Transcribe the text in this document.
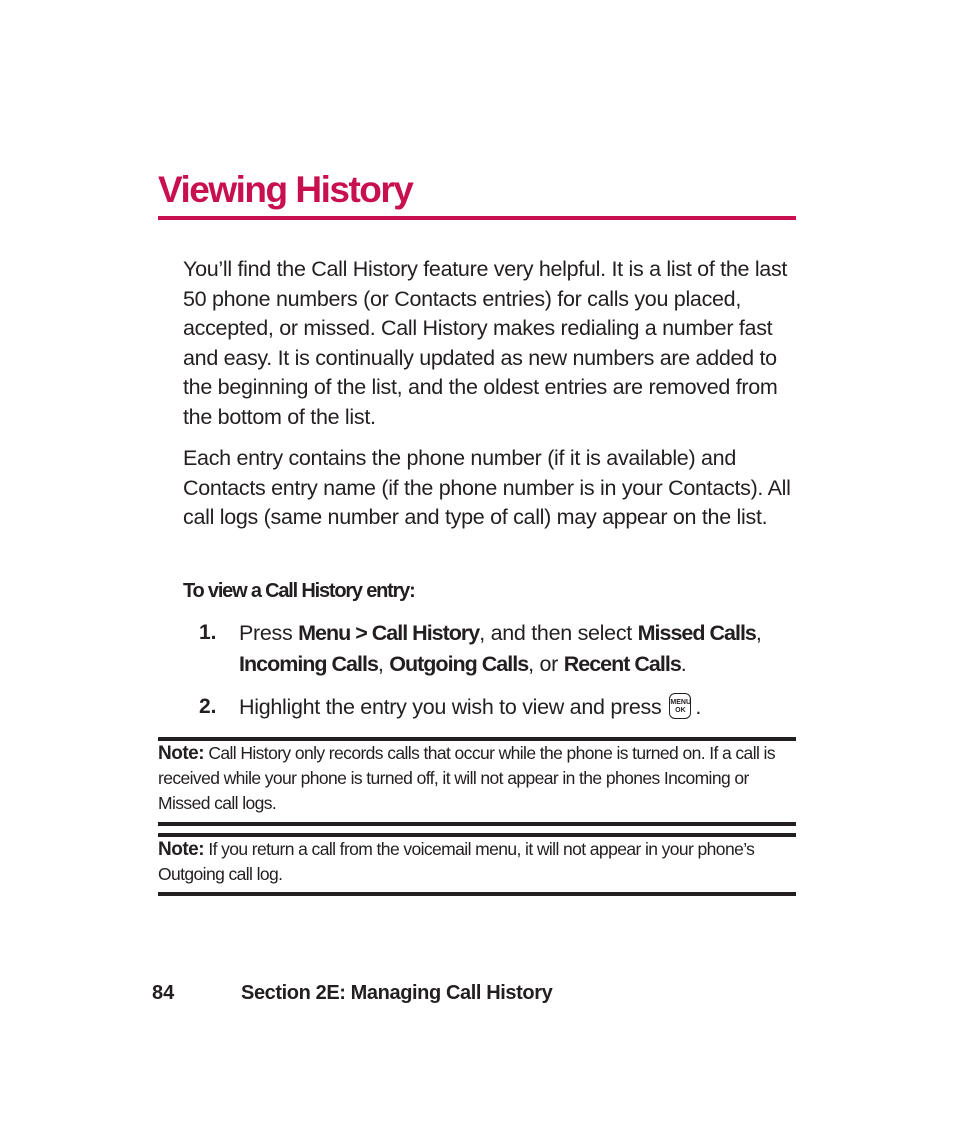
Viewing History

You’ll find the Call History feature very helpful. It is a list of the last 50 phone numbers (or Contacts entries) for calls you placed, accepted, or missed. Call History makes redialing a number fast and easy. It is continually updated as new numbers are added to the beginning of the list, and the oldest entries are removed from the bottom of the list.

Each entry contains the phone number (if it is available) and Contacts entry name (if the phone number is in your Contacts). All call logs (same number and type of call) may appear on the list.

To view a Call History entry:

1. Press Menu > Call History, and then select Missed Calls,
Incoming Calls, Outgoing Calls, or Recent Calls.

2. Highlight the entry you wish to view and press MENU
OK .

Note: Call History only records calls that occur while the phone is turned on. If a call is received while your phone is turned off, it will not appear in the phones Incoming or Missed call logs.

Note: If you return a call from the voicemail menu, it will not appear in your phone’s Outgoing call log.

84	Section 2E: Managing Call History
